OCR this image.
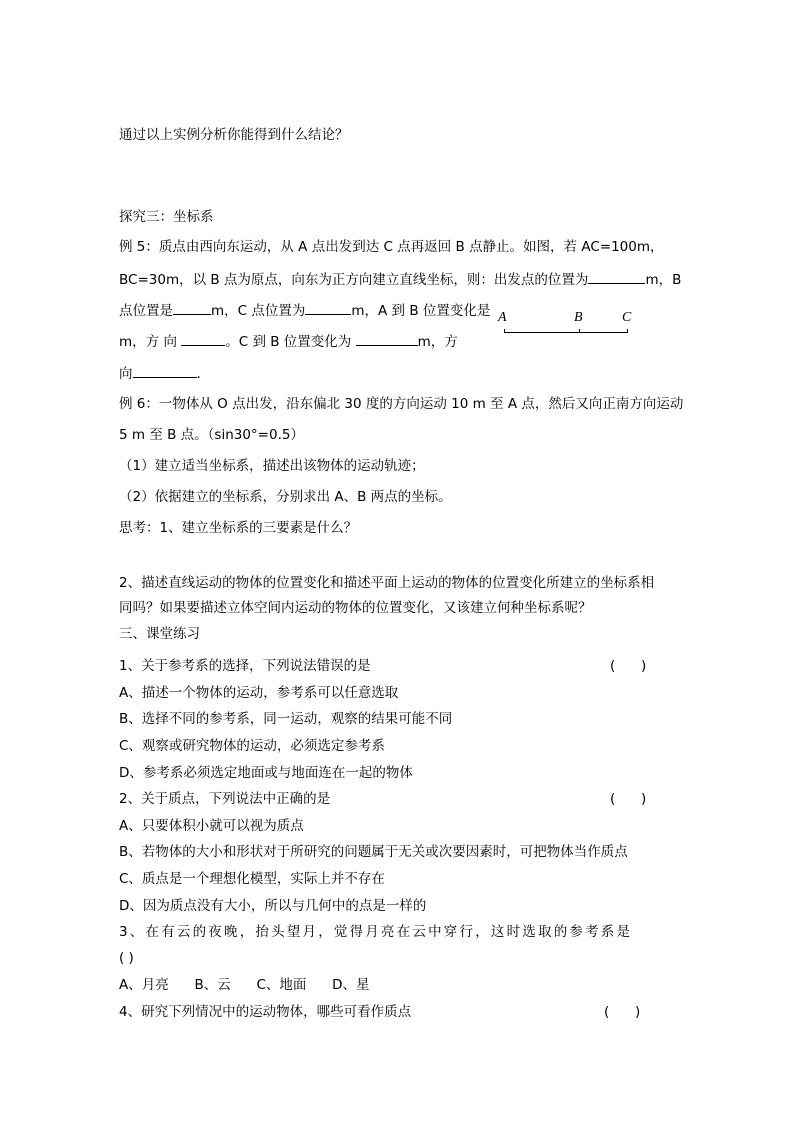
通过以上实例分析你能得到什么结论？
探究三：坐标系
例 5：质点由西向东运动，从 A 点出发到达 C 点再返回 B 点静止。如图，若 AC=100m，
BC=30m，以 B 点为原点，向东为正方向建立直线坐标，则：出发点的位置为	m，B
点位置是	m，C 点位置为	m，A 到 B 位置变化是
m，方 向	。C 到 B 位置变化为	m，方
向	.
A	B	C
例 6：一物体从 O 点出发，沿东偏北 30 度的方向运动 10 m 至 A 点，然后又向正南方向运动
5 m 至 B 点。（sin30°=0.5）
（1）建立适当坐标系，描述出该物体的运动轨迹；
（2）依据建立的坐标系，分别求出 A、B 两点的坐标。
思考：1、建立坐标系的三要素是什么？
2、描述直线运动的物体的位置变化和描述平面上运动的物体的位置变化所建立的坐标系相
同吗？如果要描述立体空间内运动的物体的位置变化，又该建立何种坐标系呢？
三、课堂练习
1、关于参考系的选择，下列说法错误的是	(      )
A、描述一个物体的运动，参考系可以任意选取
B、选择不同的参考系，同一运动，观察的结果可能不同
C、观察或研究物体的运动，必须选定参考系
D、参考系必须选定地面或与地面连在一起的物体
2、关于质点，下列说法中正确的是	(      )
A、只要体积小就可以视为质点
B、若物体的大小和形状对于所研究的问题属于无关或次要因素时，可把物体当作质点
C、质点是一个理想化模型，实际上并不存在
D、因为质点没有大小，所以与几何中的点是一样的
3、在有云的夜晚，抬头望月，觉得月亮在云中穿行，这时选取的参考系是
( )
A、月亮      B、云      C、地面      D、星
4、研究下列情况中的运动物体，哪些可看作质点	(      )
